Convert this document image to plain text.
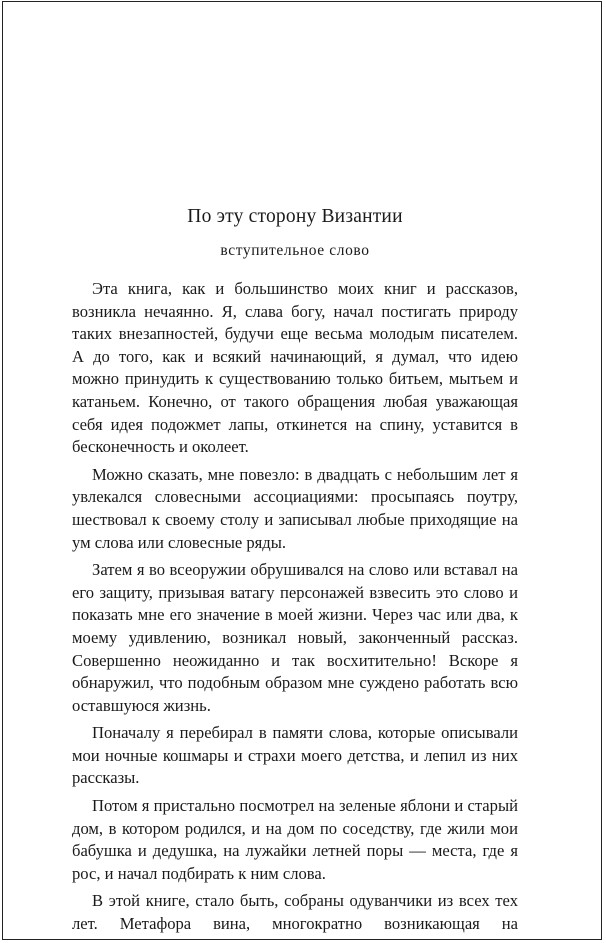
По эту сторону Византии
вступительное слово

Эта книга, как и большинство моих книг и рассказов, возникла нечаянно. Я, слава богу, начал постигать природу таких внезапностей, будучи еще весьма молодым писателем. А до того, как и всякий начинающий, я думал, что идею можно принудить к существованию только битьем, мытьем и катаньем. Конечно, от такого обращения любая уважающая себя идея подожмет лапы, откинется на спину, уставится в бесконечность и околеет.

Можно сказать, мне повезло: в двадцать с небольшим лет я увлекался словесными ассоциациями: просыпаясь поутру, шествовал к своему столу и записывал любые приходящие на ум слова или словесные ряды.

Затем я во всеоружии обрушивался на слово или вставал на его защиту, призывая ватагу персонажей взвесить это слово и показать мне его значение в моей жизни. Через час или два, к моему удивлению, возникал новый, законченный рассказ. Совершенно неожиданно и так восхитительно! Вскоре я обнаружил, что подобным образом мне суждено работать всю оставшуюся жизнь.

Поначалу я перебирал в памяти слова, которые описывали мои ночные кошмары и страхи моего детства, и лепил из них рассказы.

Потом я пристально посмотрел на зеленые яблони и старый дом, в котором родился, и на дом по соседству, где жили мои бабушка и дедушка, на лужайки летней поры — места, где я рос, и начал подбирать к ним слова.

В этой книге, стало быть, собраны одуванчики из всех тех лет. Метафора вина, многократно возникающая на
